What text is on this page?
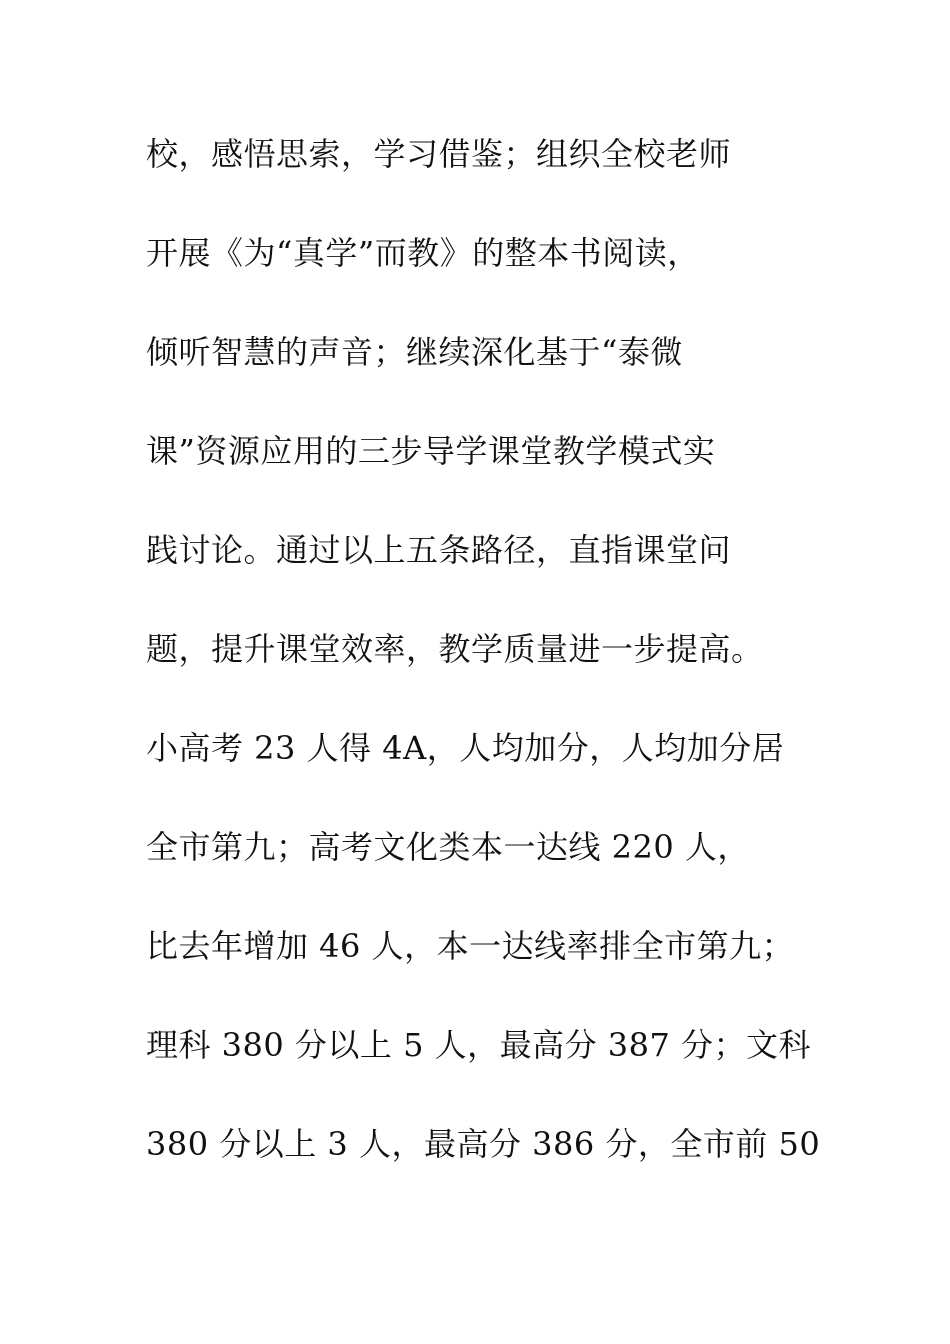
校，感悟思索，学习借鉴；组织全校老师
开展《为“真学”而教》的整本书阅读，
倾听智慧的声音；继续深化基于“泰微
课”资源应用的三步导学课堂教学模式实
践讨论。通过以上五条路径，直指课堂问
题，提升课堂效率，教学质量进一步提高。
小高考 23 人得 4A，人均加分，人均加分居
全市第九；高考文化类本一达线 220 人，
比去年增加 46 人，本一达线率排全市第九；
理科 380 分以上 5 人，最高分 387 分；文科
380 分以上 3 人，最高分 386 分，全市前 50
